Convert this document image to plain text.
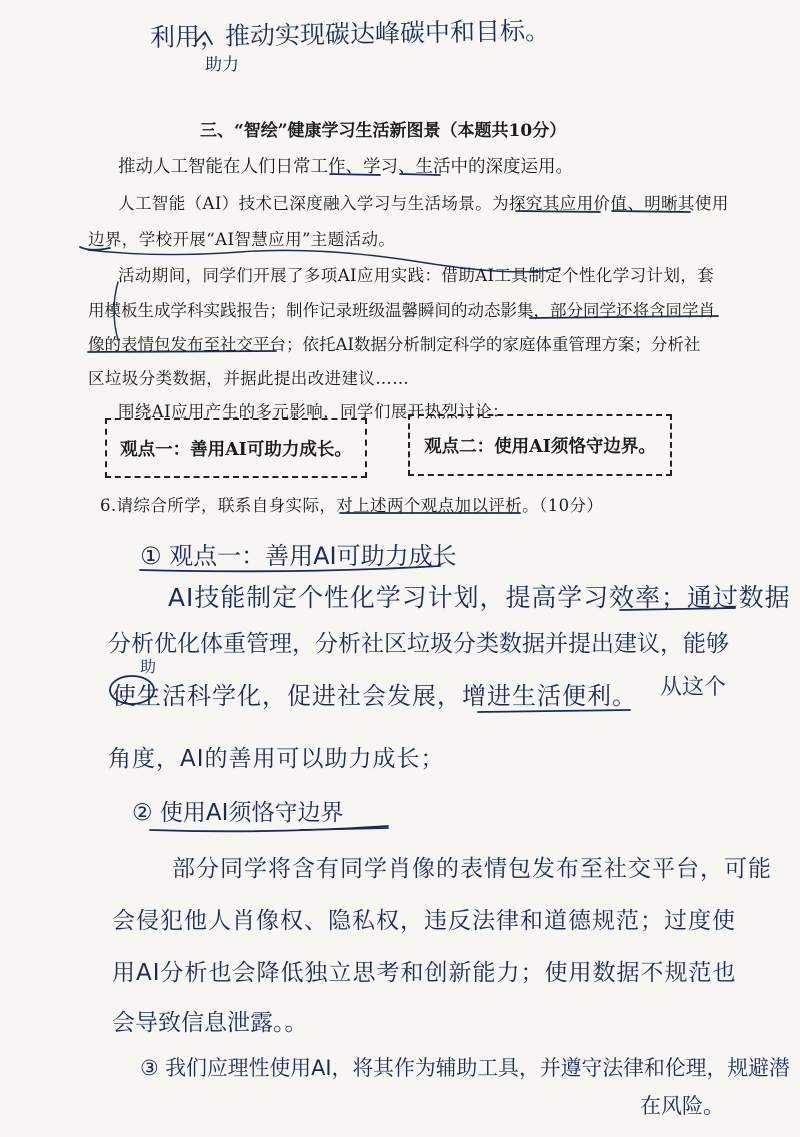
利用，推动实现碳达峰碳中和目标。
助力
三、“智绘”健康学习生活新图景（本题共10分）
推动人工智能在人们日常工作、学习、生活中的深度运用。
人工智能（AI）技术已深度融入学习与生活场景。为探究其应用价值、明晰其使用
边界，学校开展“AI智慧应用”主题活动。
活动期间，同学们开展了多项AI应用实践：借助AI工具制定个性化学习计划，套
用模板生成学科实践报告；制作记录班级温馨瞬间的动态影集，部分同学还将含同学肖
像的表情包发布至社交平台；依托AI数据分析制定科学的家庭体重管理方案；分析社
区垃圾分类数据，并据此提出改进建议……
围绕AI应用产生的多元影响，同学们展开热烈讨论：
观点一：善用AI可助力成长。	观点二：使用AI须恪守边界。
6.请综合所学，联系自身实际，对上述两个观点加以评析。（10分）
① 观点一：善用AI可助力成长
AI技能制定个性化学习计划，提高学习效率；通过数据
分析优化体重管理，分析社区垃圾分类数据并提出建议，能够
助
使生活科学化，促进社会发展，增进生活便利。 从这个
角度，AI的善用可以助力成长；
② 使用AI须恪守边界
部分同学将含有同学肖像的表情包发布至社交平台，可能
会侵犯他人肖像权、隐私权，违反法律和道德规范；过度使
用AI分析也会降低独立思考和创新能力；使用数据不规范也
会导致信息泄露。。
③ 我们应理性使用AI，将其作为辅助工具，并遵守法律和伦理，规避潜
在风险。
